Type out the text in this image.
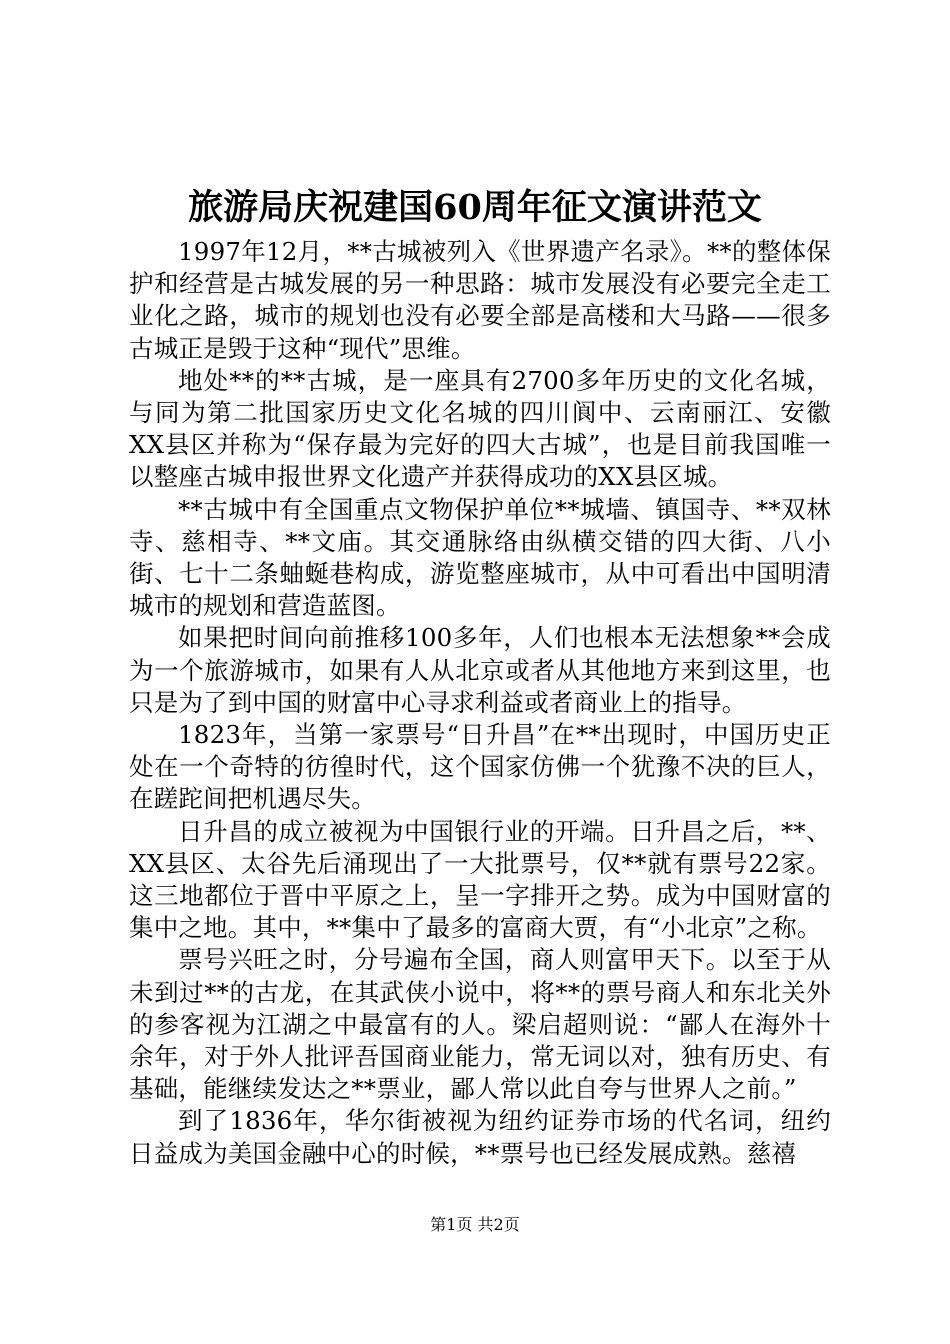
旅游局庆祝建国60周年征文演讲范文

1997年12月，**古城被列入《世界遗产名录》。**的整体保护和经营是古城发展的另一种思路：城市发展没有必要完全走工业化之路，城市的规划也没有必要全部是高楼和大马路——很多古城正是毁于这种“现代”思维。

地处**的**古城，是一座具有2700多年历史的文化名城，与同为第二批国家历史文化名城的四川阆中、云南丽江、安徽XX县区并称为“保存最为完好的四大古城”，也是目前我国唯一以整座古城申报世界文化遗产并获得成功的XX县区城。

**古城中有全国重点文物保护单位**城墙、镇国寺、**双林寺、慈相寺、**文庙。其交通脉络由纵横交错的四大街、八小街、七十二条蚰蜒巷构成，游览整座城市，从中可看出中国明清城市的规划和营造蓝图。

如果把时间向前推移100多年，人们也根本无法想象**会成为一个旅游城市，如果有人从北京或者从其他地方来到这里，也只是为了到中国的财富中心寻求利益或者商业上的指导。

1823年，当第一家票号“日升昌”在**出现时，中国历史正处在一个奇特的彷徨时代，这个国家仿佛一个犹豫不决的巨人，在蹉跎间把机遇尽失。

日升昌的成立被视为中国银行业的开端。日升昌之后，**、XX县区、太谷先后涌现出了一大批票号，仅**就有票号22家。这三地都位于晋中平原之上，呈一字排开之势。成为中国财富的集中之地。其中，**集中了最多的富商大贾，有“小北京”之称。

票号兴旺之时，分号遍布全国，商人则富甲天下。以至于从未到过**的古龙，在其武侠小说中，将**的票号商人和东北关外的参客视为江湖之中最富有的人。梁启超则说：“鄙人在海外十余年，对于外人批评吾国商业能力，常无词以对，独有历史、有基础，能继续发达之**票业，鄙人常以此自夸与世界人之前。”

到了1836年，华尔街被视为纽约证券市场的代名词，纽约日益成为美国金融中心的时候，**票号也已经发展成熟。慈禧

第1页 共2页
